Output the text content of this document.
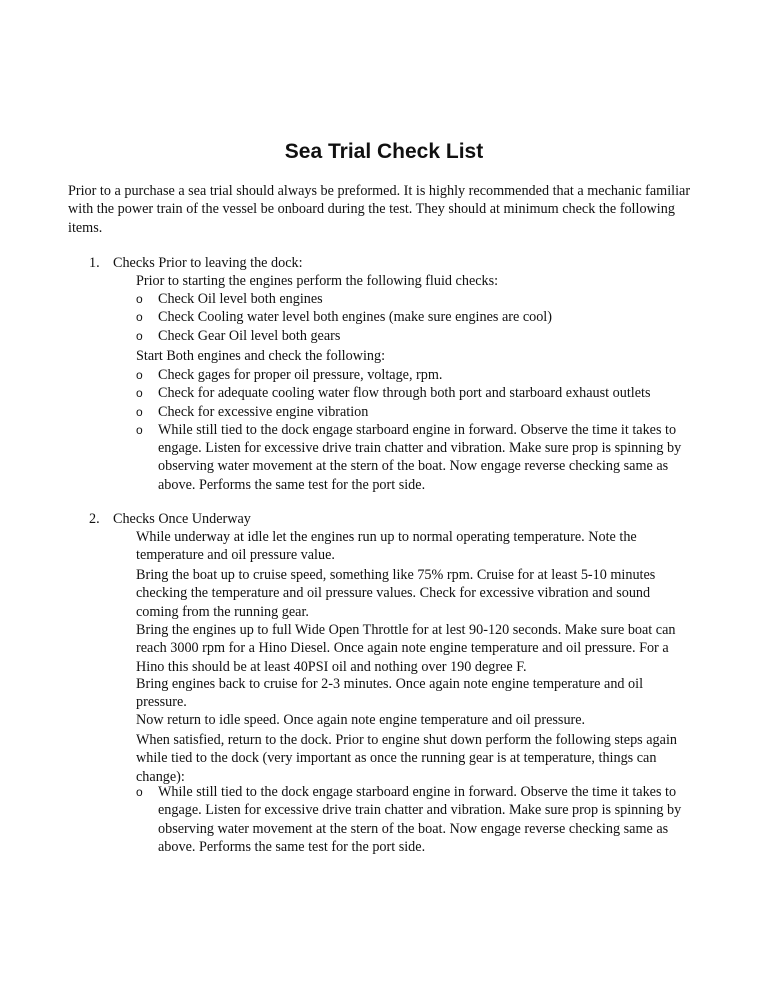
Sea Trial Check List

Prior to a purchase a sea trial should always be preformed. It is highly recommended that a mechanic familiar with the power train of the vessel be onboard during the test. They should at minimum check the following items.

1. Checks Prior to leaving the dock:

Prior to starting the engines perform the following fluid checks:

o Check Oil level both engines
o Check Cooling water level both engines (make sure engines are cool)
o Check Gear Oil level both gears

Start Both engines and check the following:

o Check gages for proper oil pressure, voltage, rpm.
o Check for adequate cooling water flow through both port and starboard exhaust outlets
o Check for excessive engine vibration
o While still tied to the dock engage starboard engine in forward. Observe the time it takes to engage. Listen for excessive drive train chatter and vibration. Make sure prop is spinning by observing water movement at the stern of the boat. Now engage reverse checking same as above. Performs the same test for the port side.
2. Checks Once Underway

While underway at idle let the engines run up to normal operating temperature. Note the temperature and oil pressure value.

Bring the boat up to cruise speed, something like 75% rpm. Cruise for at least 5-10 minutes checking the temperature and oil pressure values. Check for excessive vibration and sound coming from the running gear.

Bring the engines up to full Wide Open Throttle for at lest 90-120 seconds. Make sure boat can reach 3000 rpm for a Hino Diesel. Once again note engine temperature and oil pressure. For a Hino this should be at least 40PSI oil and nothing over 190 degree F.

Bring engines back to cruise for 2-3 minutes. Once again note engine temperature and oil pressure.

Now return to idle speed. Once again note engine temperature and oil pressure.

When satisfied, return to the dock. Prior to engine shut down perform the following steps again while tied to the dock (very important as once the running gear is at temperature, things can change):

o While still tied to the dock engage starboard engine in forward. Observe the time it takes to engage. Listen for excessive drive train chatter and vibration. Make sure prop is spinning by observing water movement at the stern of the boat. Now engage reverse checking same as above. Performs the same test for the port side.
